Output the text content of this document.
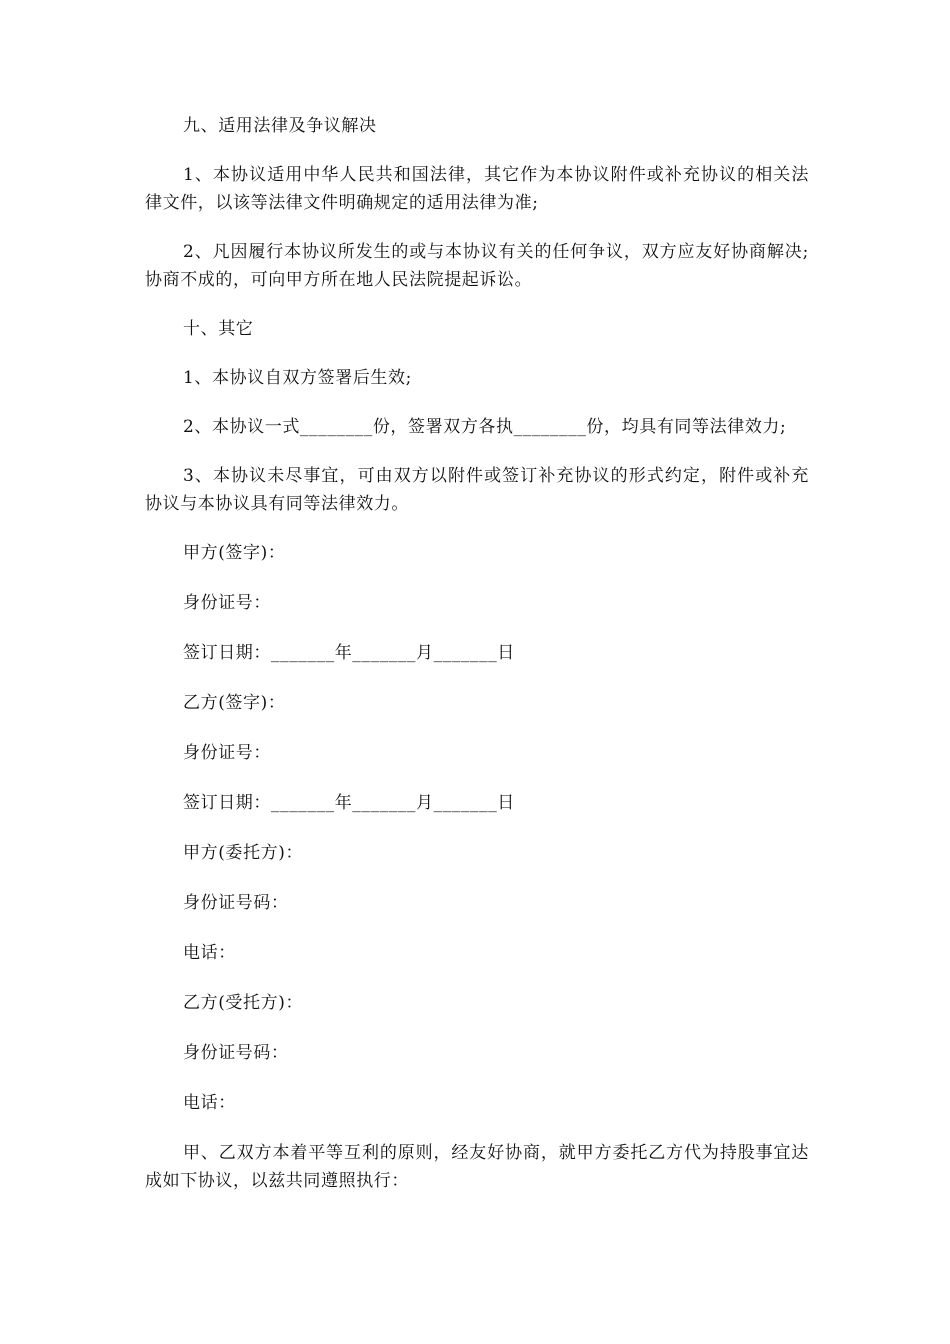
九、适用法律及争议解决

1、本协议适用中华人民共和国法律，其它作为本协议附件或补充协议的相关法律文件，以该等法律文件明确规定的适用法律为准;

2、凡因履行本协议所发生的或与本协议有关的任何争议，双方应友好协商解决;协商不成的，可向甲方所在地人民法院提起诉讼。

十、其它

1、本协议自双方签署后生效;

2、本协议一式________份，签署双方各执________份，均具有同等法律效力;

3、本协议未尽事宜，可由双方以附件或签订补充协议的形式约定，附件或补充协议与本协议具有同等法律效力。

甲方(签字)：

身份证号：

签订日期：_______年_______月_______日

乙方(签字)：

身份证号：

签订日期：_______年_______月_______日

甲方(委托方)：

身份证号码：

电话：

乙方(受托方)：

身份证号码：

电话：

甲、乙双方本着平等互利的原则，经友好协商，就甲方委托乙方代为持股事宜达成如下协议，以兹共同遵照执行：
